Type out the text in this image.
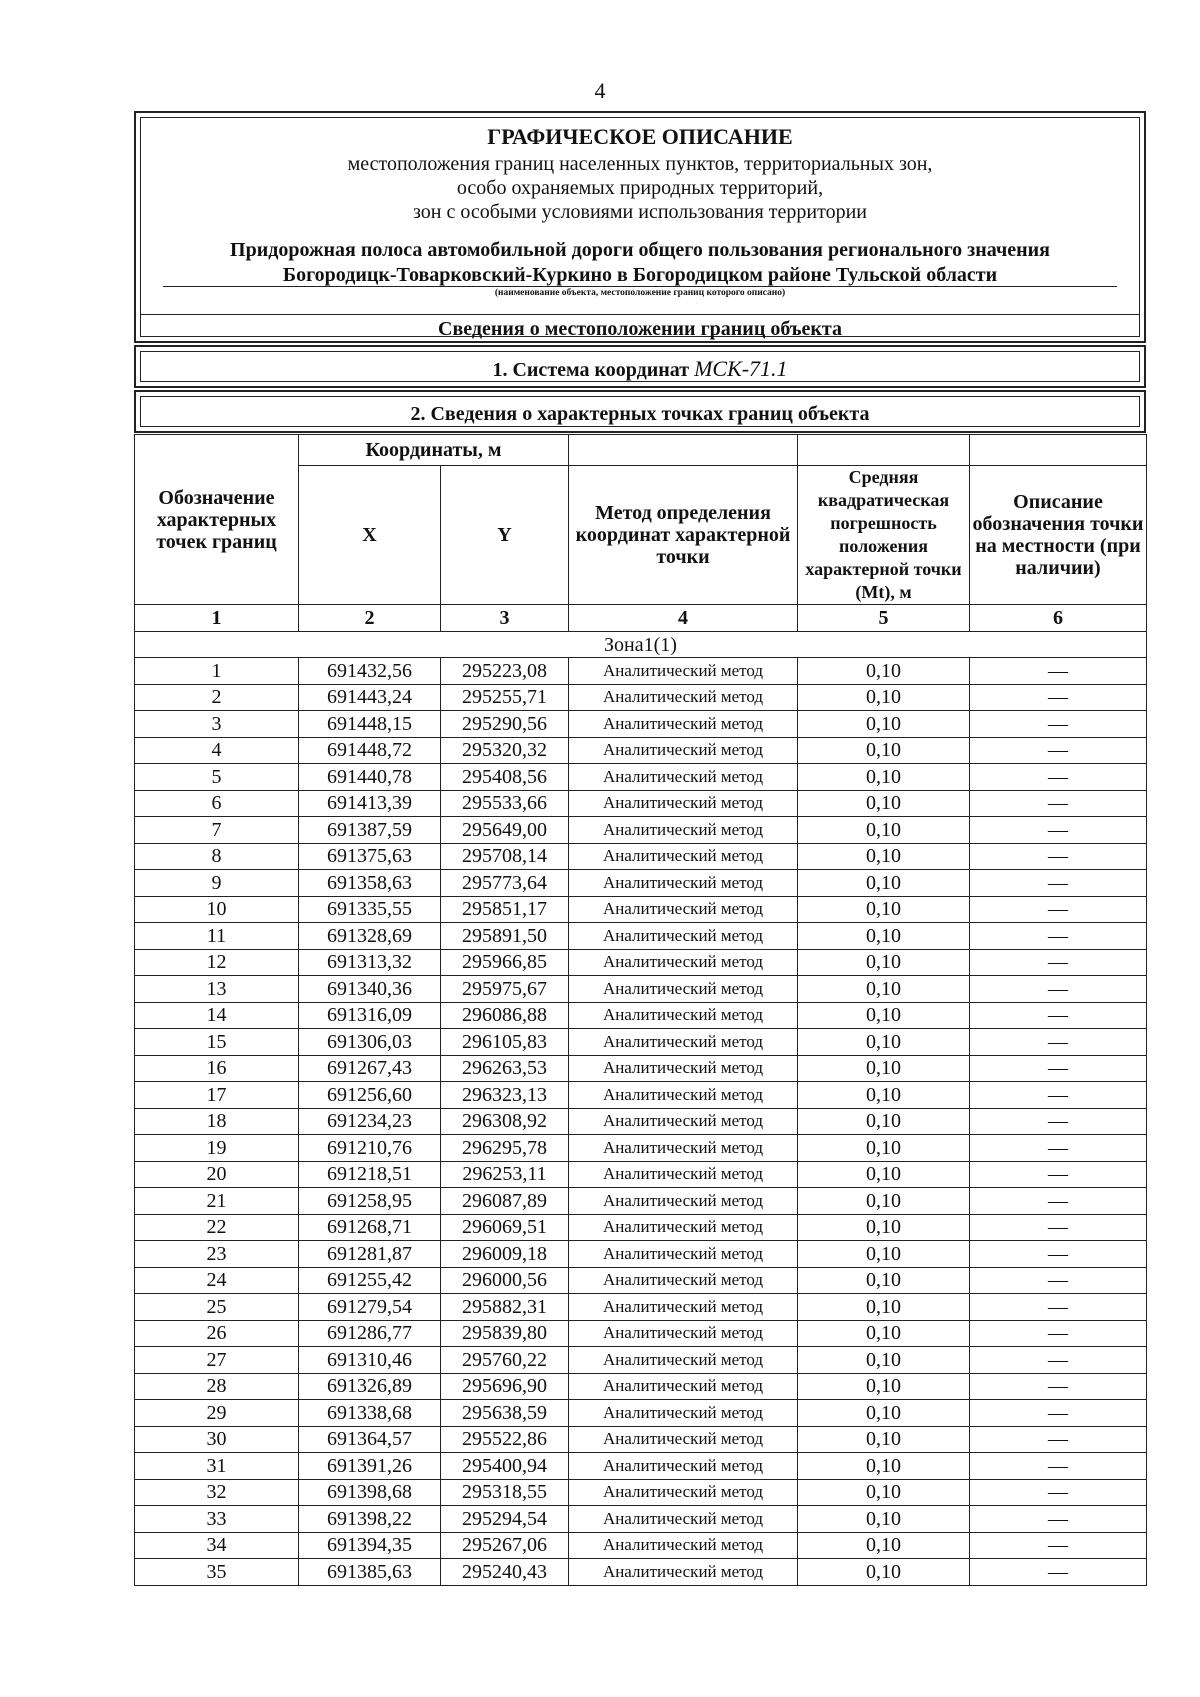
4
ГРАФИЧЕСКОЕ ОПИСАНИЕ
местоположения границ населенных пунктов, территориальных зон,
особо охраняемых природных территорий,
зон с особыми условиями использования территории
Придорожная полоса автомобильной дороги общего пользования регионального значения
Богородицк-Товарковский-Куркино в Богородицком районе Тульской области
(наименование объекта, местоположение границ которого описано)
Сведения о местоположении границ объекта
1. Система координат МСК-71.1
2. Сведения о характерных точках границ объекта
Обозначение характерных точек границ	Координаты, м				
	X	Y	Метод определения координат характерной точки	Средняя квадратическая погрешность положения характерной точки (Mt), м	Описание обозначения точки на местности (при наличии)
1	2	3	4	5	6
Зона1(1)					
1	691432,56	295223,08	Аналитический метод	0,10	—
2	691443,24	295255,71	Аналитический метод	0,10	—
3	691448,15	295290,56	Аналитический метод	0,10	—
4	691448,72	295320,32	Аналитический метод	0,10	—
5	691440,78	295408,56	Аналитический метод	0,10	—
6	691413,39	295533,66	Аналитический метод	0,10	—
7	691387,59	295649,00	Аналитический метод	0,10	—
8	691375,63	295708,14	Аналитический метод	0,10	—
9	691358,63	295773,64	Аналитический метод	0,10	—
10	691335,55	295851,17	Аналитический метод	0,10	—
11	691328,69	295891,50	Аналитический метод	0,10	—
12	691313,32	295966,85	Аналитический метод	0,10	—
13	691340,36	295975,67	Аналитический метод	0,10	—
14	691316,09	296086,88	Аналитический метод	0,10	—
15	691306,03	296105,83	Аналитический метод	0,10	—
16	691267,43	296263,53	Аналитический метод	0,10	—
17	691256,60	296323,13	Аналитический метод	0,10	—
18	691234,23	296308,92	Аналитический метод	0,10	—
19	691210,76	296295,78	Аналитический метод	0,10	—
20	691218,51	296253,11	Аналитический метод	0,10	—
21	691258,95	296087,89	Аналитический метод	0,10	—
22	691268,71	296069,51	Аналитический метод	0,10	—
23	691281,87	296009,18	Аналитический метод	0,10	—
24	691255,42	296000,56	Аналитический метод	0,10	—
25	691279,54	295882,31	Аналитический метод	0,10	—
26	691286,77	295839,80	Аналитический метод	0,10	—
27	691310,46	295760,22	Аналитический метод	0,10	—
28	691326,89	295696,90	Аналитический метод	0,10	—
29	691338,68	295638,59	Аналитический метод	0,10	—
30	691364,57	295522,86	Аналитический метод	0,10	—
31	691391,26	295400,94	Аналитический метод	0,10	—
32	691398,68	295318,55	Аналитический метод	0,10	—
33	691398,22	295294,54	Аналитический метод	0,10	—
34	691394,35	295267,06	Аналитический метод	0,10	—
35	691385,63	295240,43	Аналитический метод	0,10	—
